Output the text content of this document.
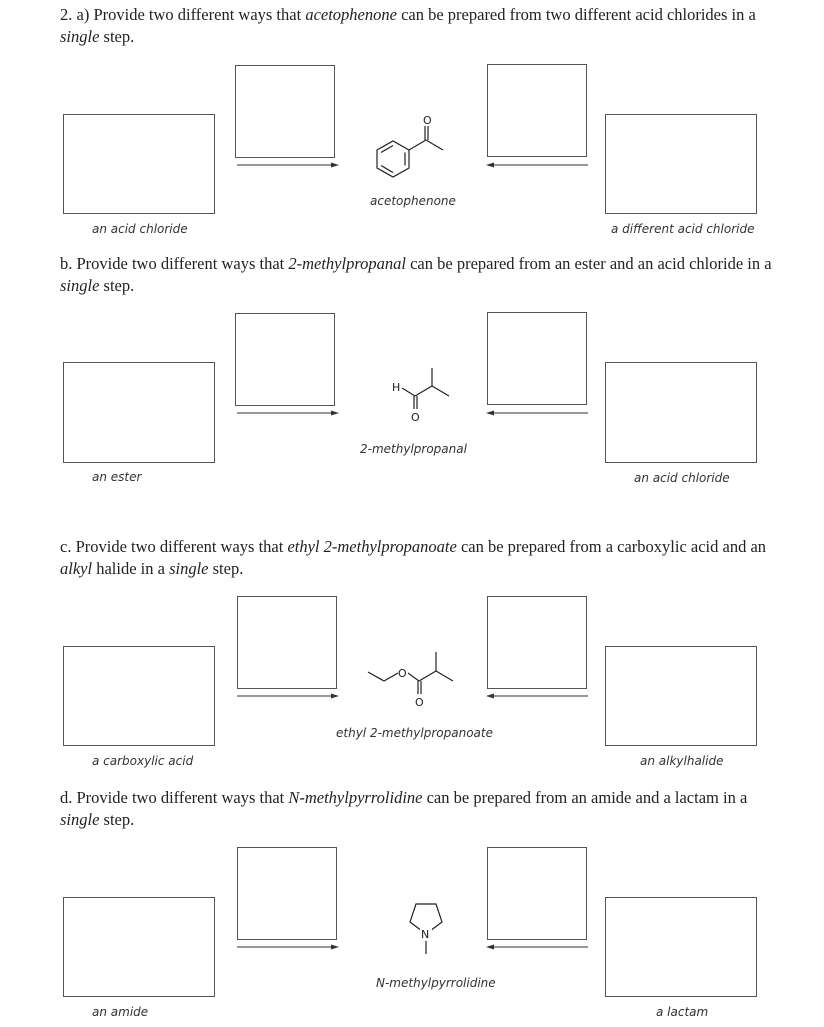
2. a) Provide two different ways that acetophenone can be prepared from two different acid chlorides in a single step.
O
an acid chloride
acetophenone
a different acid chloride
b. Provide two different ways that 2-methylpropanal can be prepared from an ester and an acid chloride in a single step.
H
O
an ester
2-methylpropanal
an acid chloride
c. Provide two different ways that ethyl 2-methylpropanoate can be prepared from a carboxylic acid and an alkyl halide in a single step.
O
O
a carboxylic acid
ethyl 2-methylpropanoate
an alkylhalide
d. Provide two different ways that N-methylpyrrolidine can be prepared from an amide and a lactam in a single step.
N
an amide
N-methylpyrrolidine
a lactam
